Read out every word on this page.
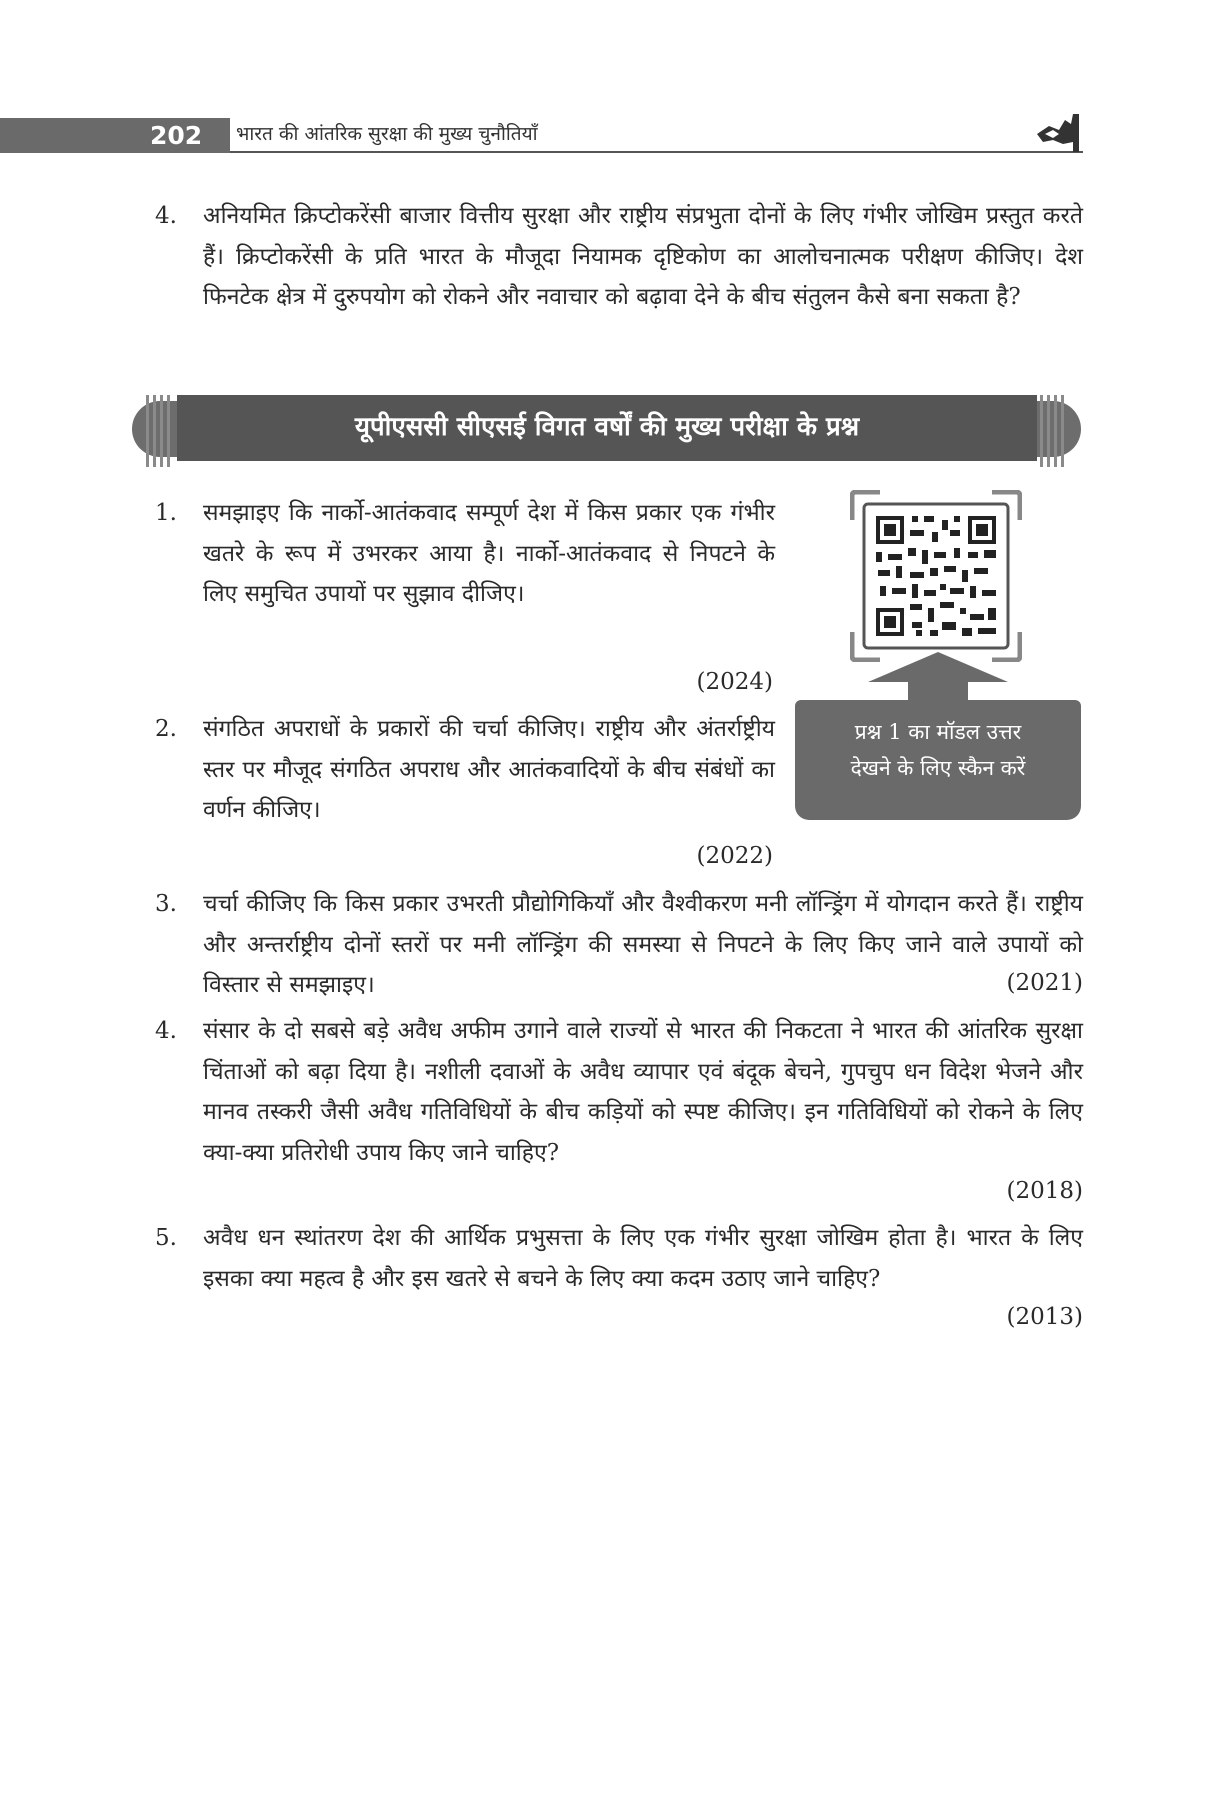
202	भारत की आंतरिक सुरक्षा की मुख्य चुनौतियाँ
4. अनियमित क्रिप्टोकरेंसी बाजार वित्तीय सुरक्षा और राष्ट्रीय संप्रभुता दोनों के लिए गंभीर जोखिम प्रस्तुत करते हैं। क्रिप्टोकरेंसी के प्रति भारत के मौजूदा नियामक दृष्टिकोण का आलोचनात्मक परीक्षण कीजिए। देश फिनटेक क्षेत्र में दुरुपयोग को रोकने और नवाचार को बढ़ावा देने के बीच संतुलन कैसे बना सकता है?
यूपीएससी सीएसई विगत वर्षों की मुख्य परीक्षा के प्रश्न
प्रश्न 1 का मॉडल उत्तर
देखने के लिए स्कैन करें
1. समझाइए कि नार्को-आतंकवाद सम्पूर्ण देश में किस प्रकार एक गंभीर खतरे के रूप में उभरकर आया है। नार्को-आतंकवाद से निपटने के लिए समुचित उपायों पर सुझाव दीजिए।
(2024)
2. संगठित अपराधों के प्रकारों की चर्चा कीजिए। राष्ट्रीय और अंतर्राष्ट्रीय स्तर पर मौजूद संगठित अपराध और आतंकवादियों के बीच संबंधों का वर्णन कीजिए।
(2022)
3. चर्चा कीजिए कि किस प्रकार उभरती प्रौद्योगिकियाँ और वैश्वीकरण मनी लॉन्ड्रिंग में योगदान करते हैं। राष्ट्रीय और अन्तर्राष्ट्रीय दोनों स्तरों पर मनी लॉन्ड्रिंग की समस्या से निपटने के लिए किए जाने वाले उपायों को विस्तार से समझाइए।	(2021)
4. संसार के दो सबसे बड़े अवैध अफीम उगाने वाले राज्यों से भारत की निकटता ने भारत की आंतरिक सुरक्षा चिंताओं को बढ़ा दिया है। नशीली दवाओं के अवैध व्यापार एवं बंदूक बेचने, गुपचुप धन विदेश भेजने और मानव तस्करी जैसी अवैध गतिविधियों के बीच कड़ियों को स्पष्ट कीजिए। इन गतिविधियों को रोकने के लिए क्या-क्या प्रतिरोधी उपाय किए जाने चाहिए?
(2018)
5. अवैध धन स्थांतरण देश की आर्थिक प्रभुसत्ता के लिए एक गंभीर सुरक्षा जोखिम होता है। भारत के लिए इसका क्या महत्व है और इस खतरे से बचने के लिए क्या कदम उठाए जाने चाहिए?
(2013)
